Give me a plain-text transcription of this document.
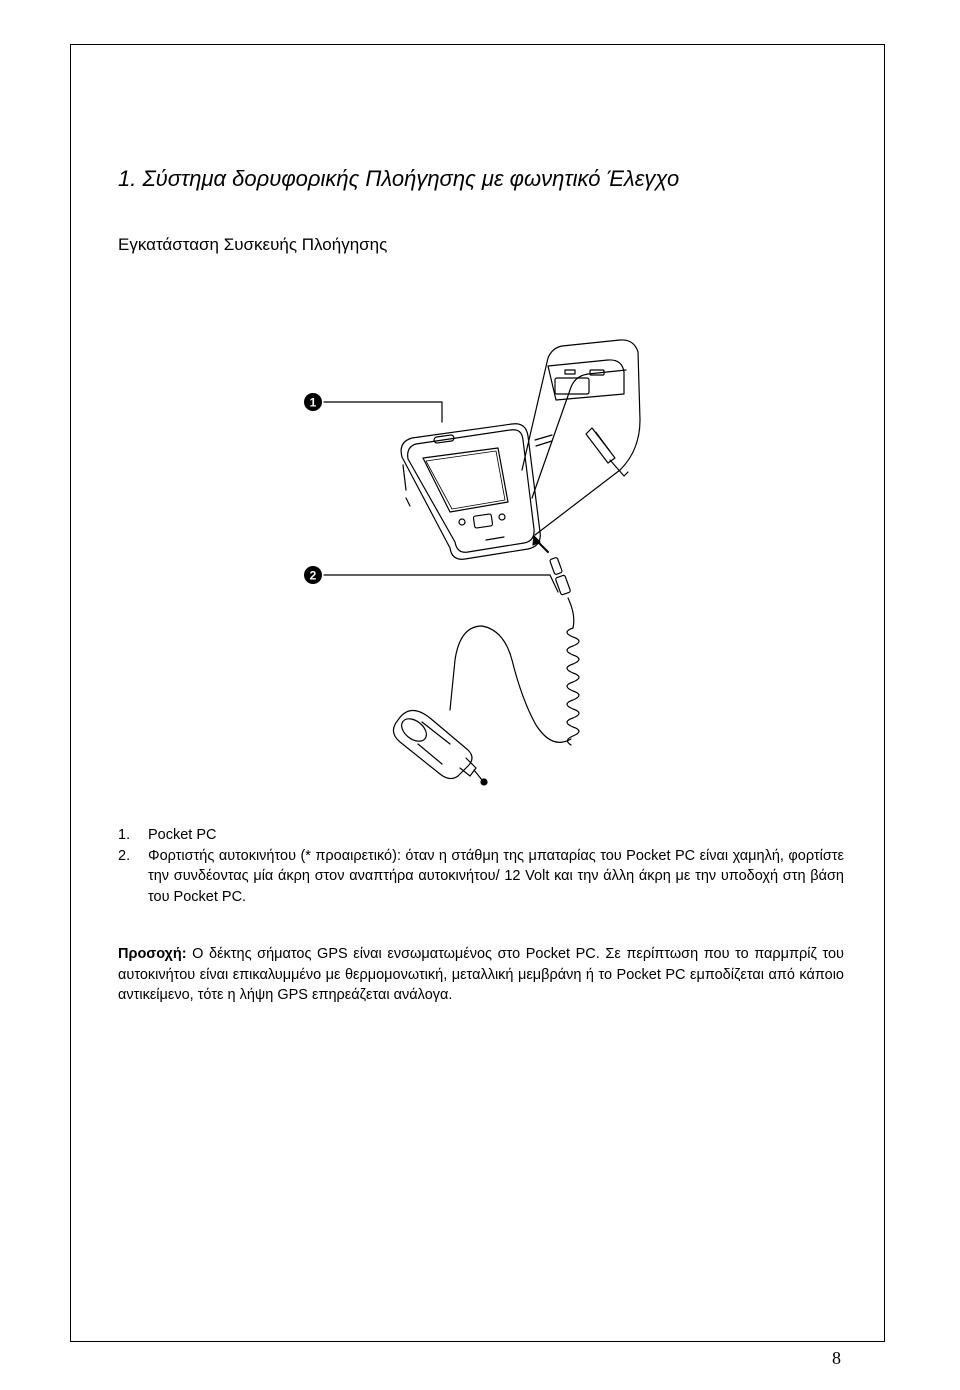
1. Σύστημα δορυφορικής Πλοήγησης με φωνητικό Έλεγχο
Εγκατάσταση Συσκευής Πλοήγησης
1
2
1.	Pocket PC
2.	Φορτιστής αυτοκινήτου (* προαιρετικό): όταν η στάθμη της μπαταρίας του Pocket PC είναι χαμηλή, φορτίστε την συνδέοντας μία άκρη στον αναπτήρα αυτοκινήτου/ 12 Volt και την άλλη άκρη με την υποδοχή στη βάση του Pocket PC.

Προσοχή: Ο δέκτης σήματος GPS είναι ενσωματωμένος στο Pocket PC. Σε περίπτωση που το παρμπρίζ του αυτοκινήτου είναι επικαλυμμένο με θερμομονωτική, μεταλλική μεμβράνη ή το Pocket PC εμποδίζεται από κάποιο αντικείμενο, τότε η λήψη GPS επηρεάζεται ανάλογα.

8
